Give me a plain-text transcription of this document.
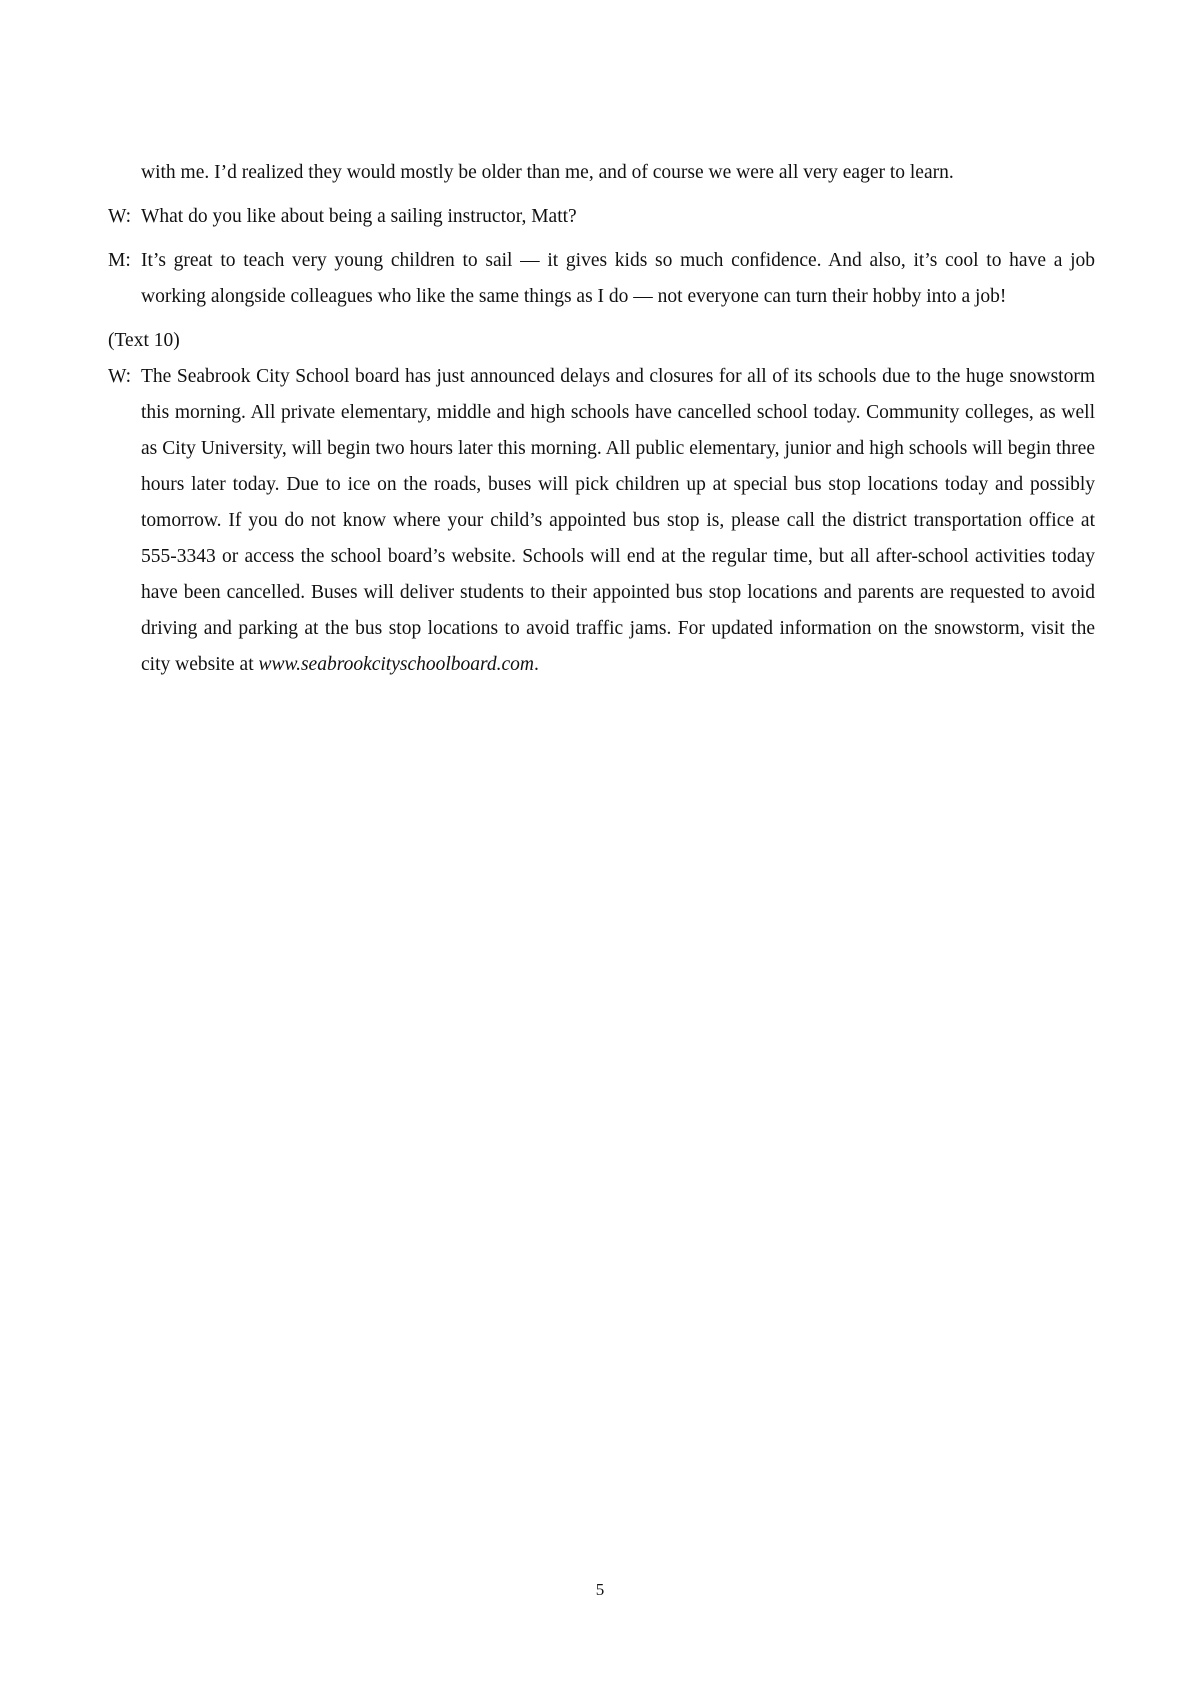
with me. I’d realized they would mostly be older than me, and of course we were all very eager to learn.
W: What do you like about being a sailing instructor, Matt?
M: It’s great to teach very young children to sail — it gives kids so much confidence. And also, it’s cool to have a job working alongside colleagues who like the same things as I do — not everyone can turn their hobby into a job!
(Text 10)
W: The Seabrook City School board has just announced delays and closures for all of its schools due to the huge snowstorm this morning. All private elementary, middle and high schools have cancelled school today. Community colleges, as well as City University, will begin two hours later this morning. All public elementary, junior and high schools will begin three hours later today. Due to ice on the roads, buses will pick children up at special bus stop locations today and possibly tomorrow. If you do not know where your child’s appointed bus stop is, please call the district transportation office at 555-3343 or access the school board’s website. Schools will end at the regular time, but all after-school activities today have been cancelled. Buses will deliver students to their appointed bus stop locations and parents are requested to avoid driving and parking at the bus stop locations to avoid traffic jams. For updated information on the snowstorm, visit the city website at www.seabrookcityschoolboard.com.
5
